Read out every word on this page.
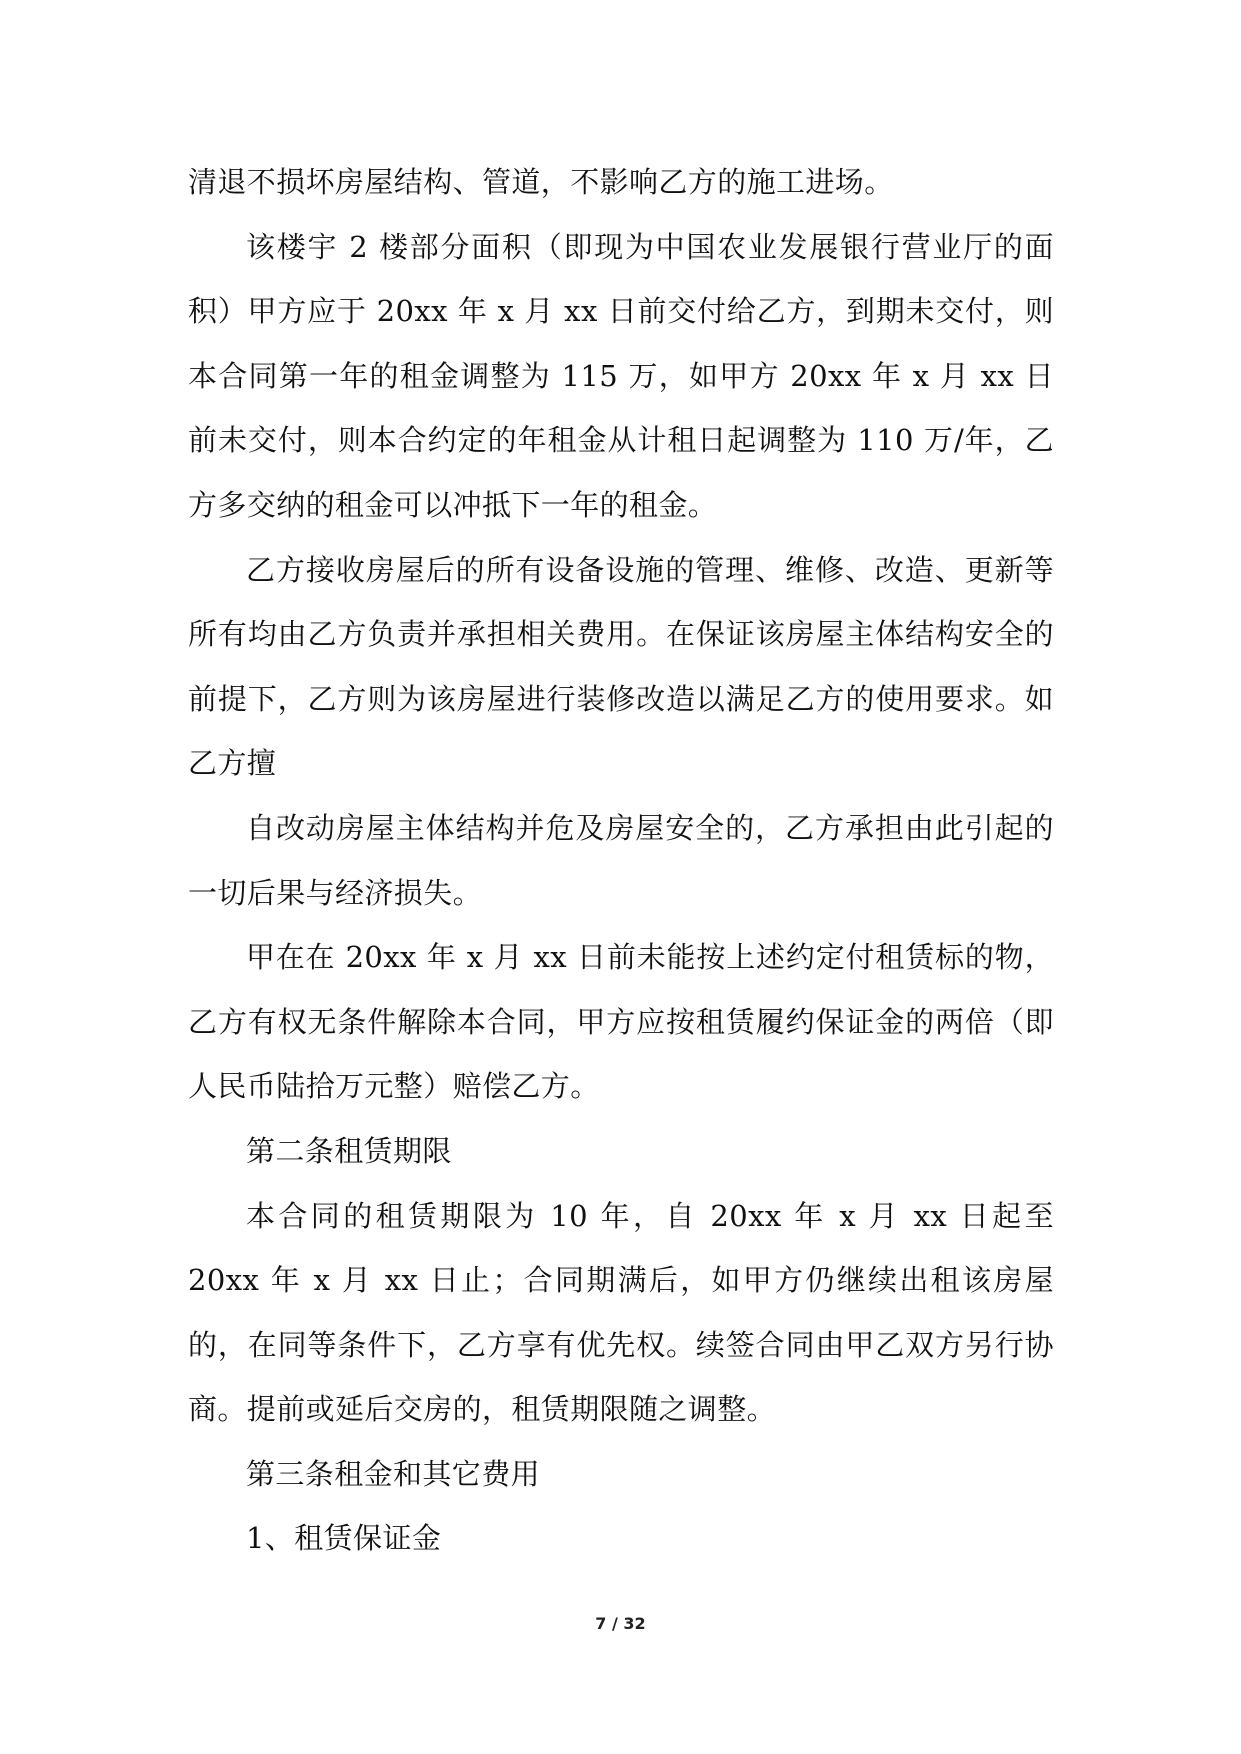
清退不损坏房屋结构、管道，不影响乙方的施工进场。

该楼宇 2 楼部分面积（即现为中国农业发展银行营业厅的面积）甲方应于 20xx 年 x 月 xx 日前交付给乙方，到期未交付，则本合同第一年的租金调整为 115 万，如甲方 20xx 年 x 月 xx 日前未交付，则本合约定的年租金从计租日起调整为 110 万/年，乙方多交纳的租金可以冲抵下一年的租金。

乙方接收房屋后的所有设备设施的管理、维修、改造、更新等所有均由乙方负责并承担相关费用。在保证该房屋主体结构安全的前提下，乙方则为该房屋进行装修改造以满足乙方的使用要求。如乙方擅

自改动房屋主体结构并危及房屋安全的，乙方承担由此引起的一切后果与经济损失。

甲在在 20xx 年 x 月 xx 日前未能按上述约定付租赁标的物，乙方有权无条件解除本合同，甲方应按租赁履约保证金的两倍（即人民币陆拾万元整）赔偿乙方。

第二条租赁期限

本合同的租赁期限为 10 年，自 20xx 年 x 月 xx 日起至 20xx 年 x 月 xx 日止；合同期满后，如甲方仍继续出租该房屋的，在同等条件下，乙方享有优先权。续签合同由甲乙双方另行协商。提前或延后交房的，租赁期限随之调整。

第三条租金和其它费用

1、租赁保证金

7 / 32
